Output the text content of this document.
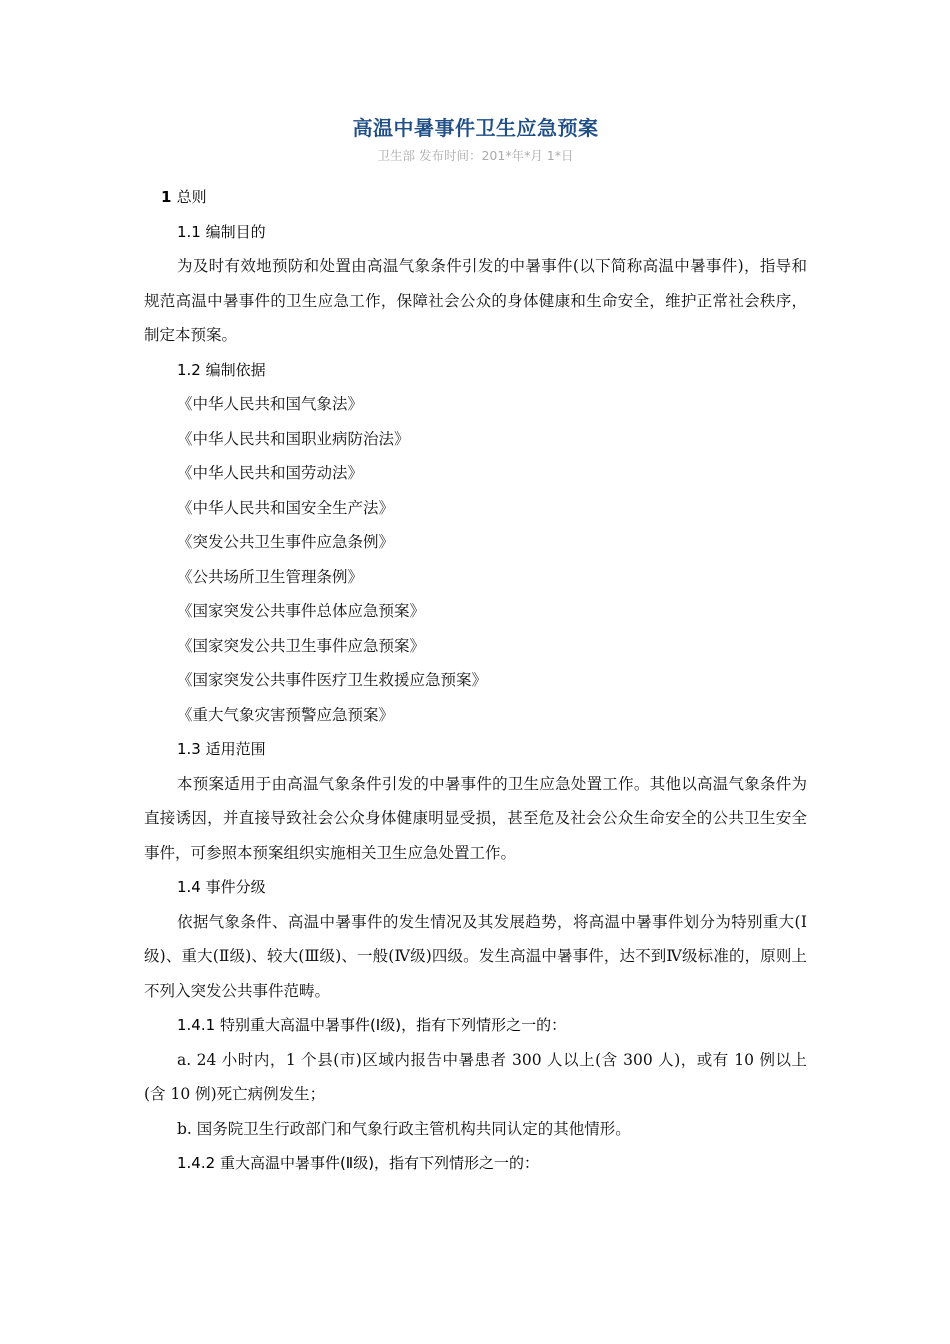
高温中暑事件卫生应急预案
卫生部 发布时间：201*年*月 1*日
1 总则
1.1 编制目的

为及时有效地预防和处置由高温气象条件引发的中暑事件(以下简称高温中暑事件)，指导和规范高温中暑事件的卫生应急工作，保障社会公众的身体健康和生命安全，维护正常社会秩序，制定本预案。

1.2 编制依据
《 中华人民共和国气象法 》
《 中华人民共和国职业病防治法 》
《 中华人民共和国劳动法 》
《 中华人民共和国安全生产法 》
《 突发公共卫生事件应急条例 》
《 公共场所卫生管理条例 》
《 国家突发公共事件总体应急预案 》
《 国家突发公共卫生事件应急预案 》
《 国家突发公共事件医疗卫生救援应急预案 》
《 重大气象灾害预警应急预案 》
1.3 适用范围

本预案适用于由高温气象条件引发的中暑事件的卫生应急处置工作。其他以高温气象条件为直接诱因，并直接导致社会公众身体健康明显受损，甚至危及社会公众生命安全的公共卫生安全事件，可参照本预案组织实施相关卫生应急处置工作。

1.4 事件分级

依据气象条件、高温中暑事件的发生情况及其发展趋势，将高温中暑事件划分为特别重大(Ⅰ级)、重大(Ⅱ级)、较大(Ⅲ级)、一般(Ⅳ级)四级。发生高温中暑事件，达不到Ⅳ级标准的，原则上不列入突发公共事件范畴。

1.4.1 特别重大高温中暑事件(Ⅰ级)，指有下列情形之一的：

a. 24 小时内，1 个县(市)区域内报告中暑患者 300 人以上(含 300 人)，或有 10 例以上(含 10 例)死亡病例发生；

b. 国务院卫生行政部门和气象行政主管机构共同认定的其他情形。

1.4.2 重大高温中暑事件(Ⅱ级)，指有下列情形之一的：
